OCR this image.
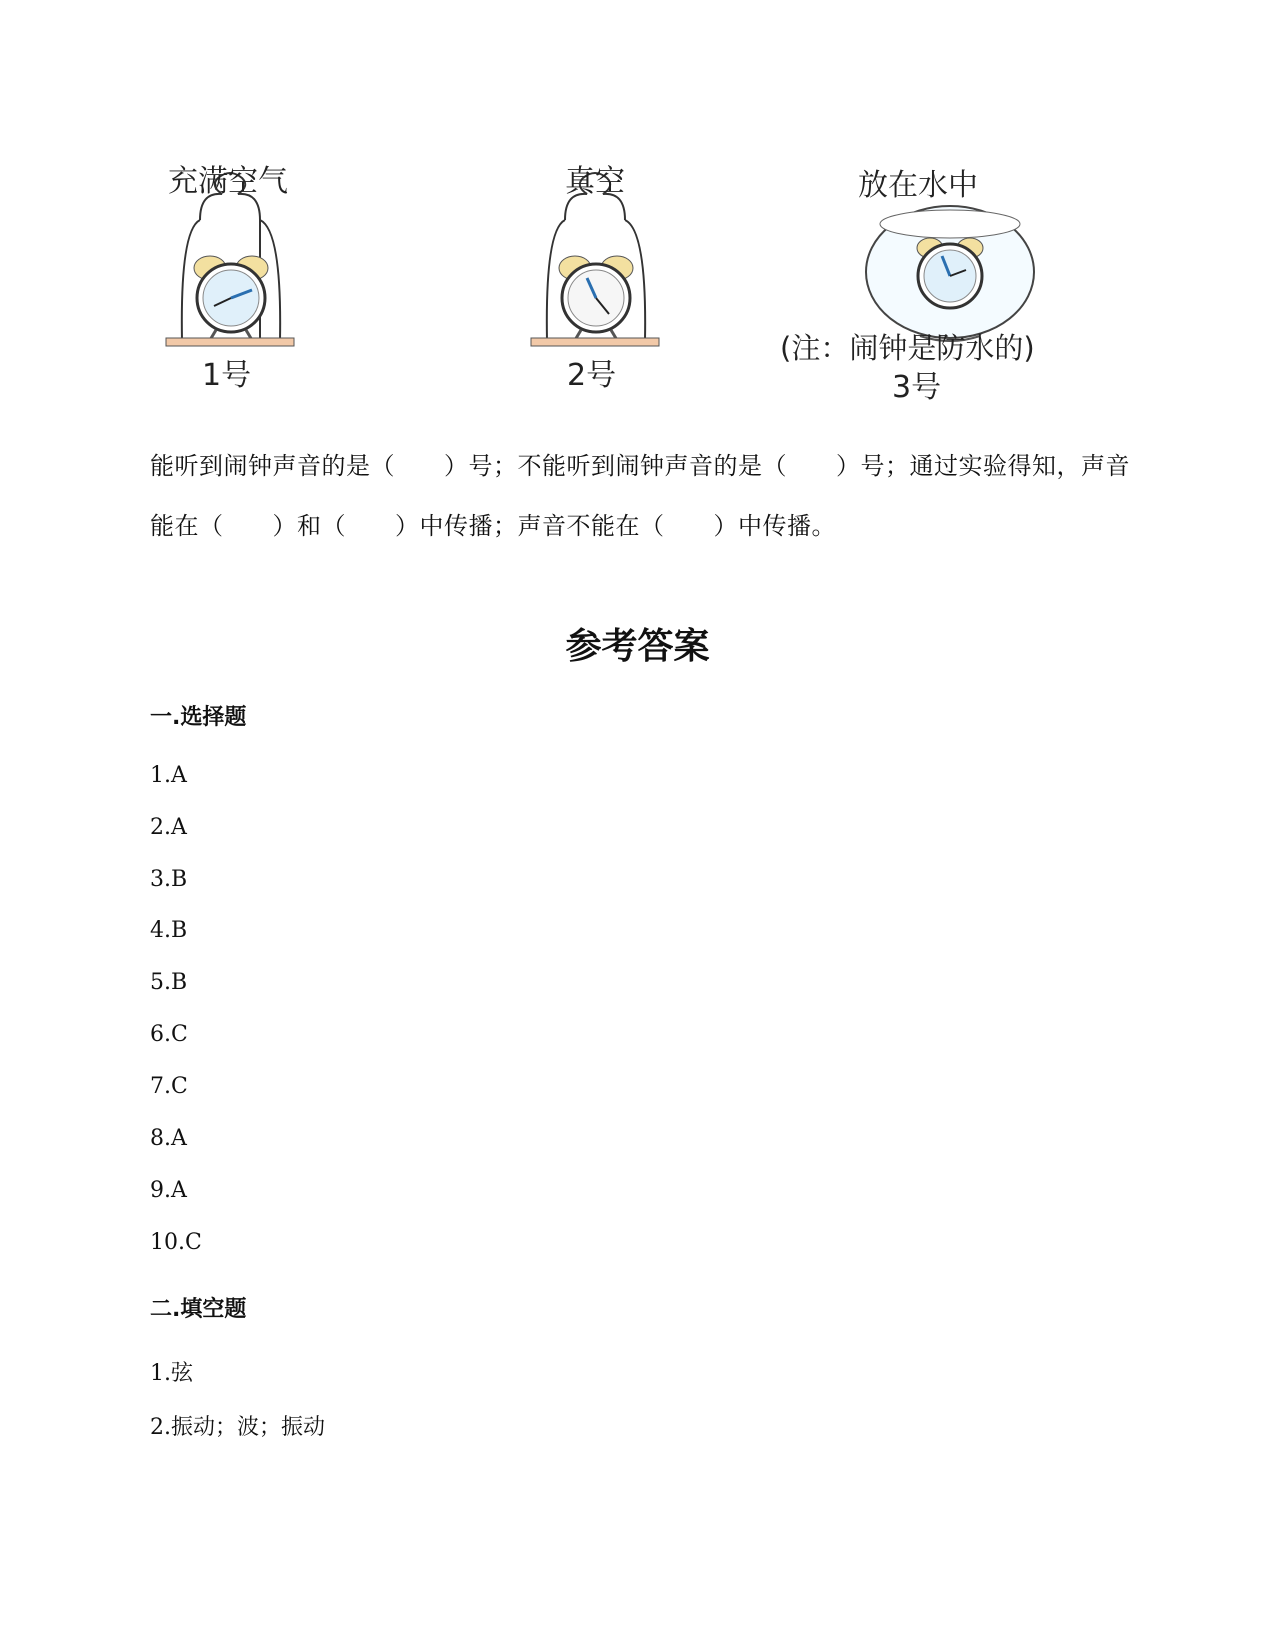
充满空气
1号
真空
2号
放在水中
(注：闹钟是防水的)
3号
能听到闹钟声音的是（　　）号；不能听到闹钟声音的是（　　）号；通过实验得知，声音
能在（　　）和（　　）中传播；声音不能在（　　）中传播。
参考答案
一.选择题
1.A
2.A
3.B
4.B
5.B
6.C
7.C
8.A
9.A
10.C
二.填空题
1.弦
2.振动；波；振动
